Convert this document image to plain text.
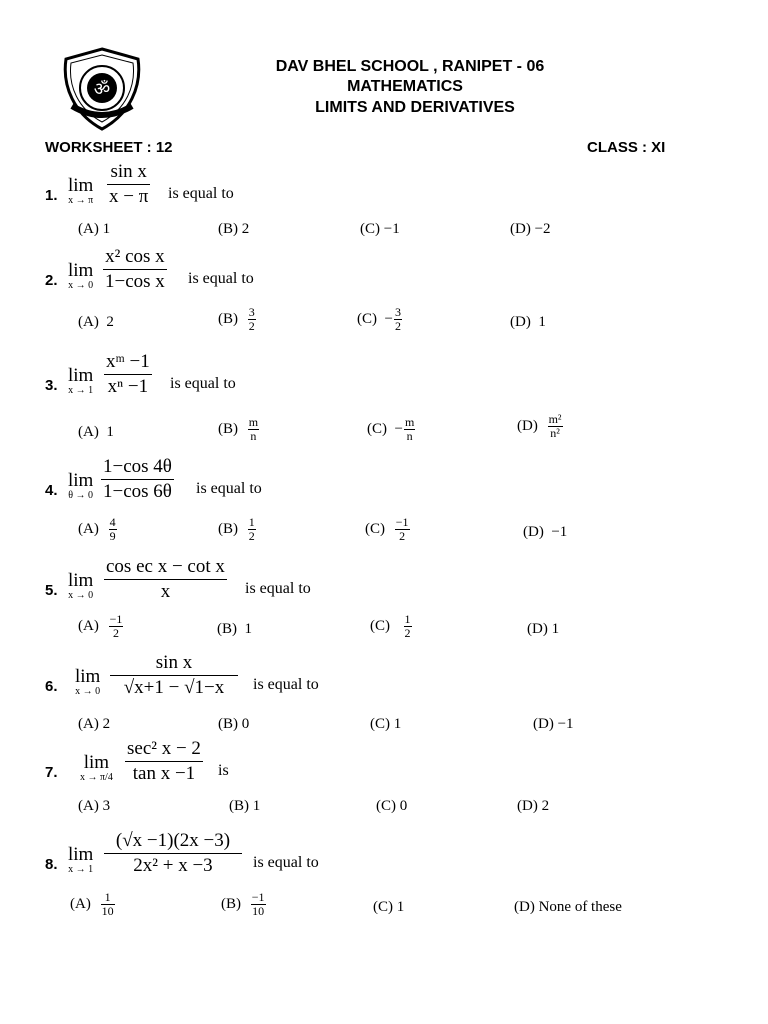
ॐ
DAV BHEL SCHOOL , RANIPET - 06
MATHEMATICS
LIMITS AND DERIVATIVES
WORKSHEET : 12	CLASS : XI
1. lim
x → π $\frac{\text{sin x}}{x - \pi}$ is equal to
(A) 1	(B) 2	(C) −1	(D) −2
2. lim
$x \to 0 \frac{\text{x² cos x}}{\text{1−cos x}}$ is equal to
(A) 2	$(B) \frac{3}{2}$	$(C) - \frac{3}{2}$	(D) 1
3. lim
$x \to 1 \frac{\text{xᵐ −1}}{\text{xⁿ −1}}$ is equal to
(A) 1	$(B) \frac{m}{n}$	$(C) - \frac{m}{n}$	$(D) \frac{\text{m²}}{\text{n²}}$
4. lim
$\theta \to 0 \frac{1-\cos 4\theta}{1-\cos 6\theta}$ is equal to
$(A) \frac{4}{9}$	$(B) \frac{1}{2}$	$(C) \frac{-1}{2}$	(D) −1
5. lim
$x \to 0 \frac{\text{cos ec x − cot x}}{x}$ is equal to
$(A) \frac{-1}{2}$	(B) 1	$(C) \frac{1}{2}$	(D) 1
6. lim
$x \to 0 \frac{\text{sin x}}{√x+1 - √1-x}$ is equal to
(A) 2	(B) 0	(C) 1	(D) −1
7. lim
x → π/4
sec² x − 2
tan x −1	is
(A) 3	(B) 1	(C) 0	(D) 2
8. lim
$x \to 1 \frac{(√x -1)(2x -3)}{\text{2x² + x −3}}$ is equal to
$(A) \frac{1}{10}$	$(B) \frac{-1}{10}$	(C) 1	(D) None of these
